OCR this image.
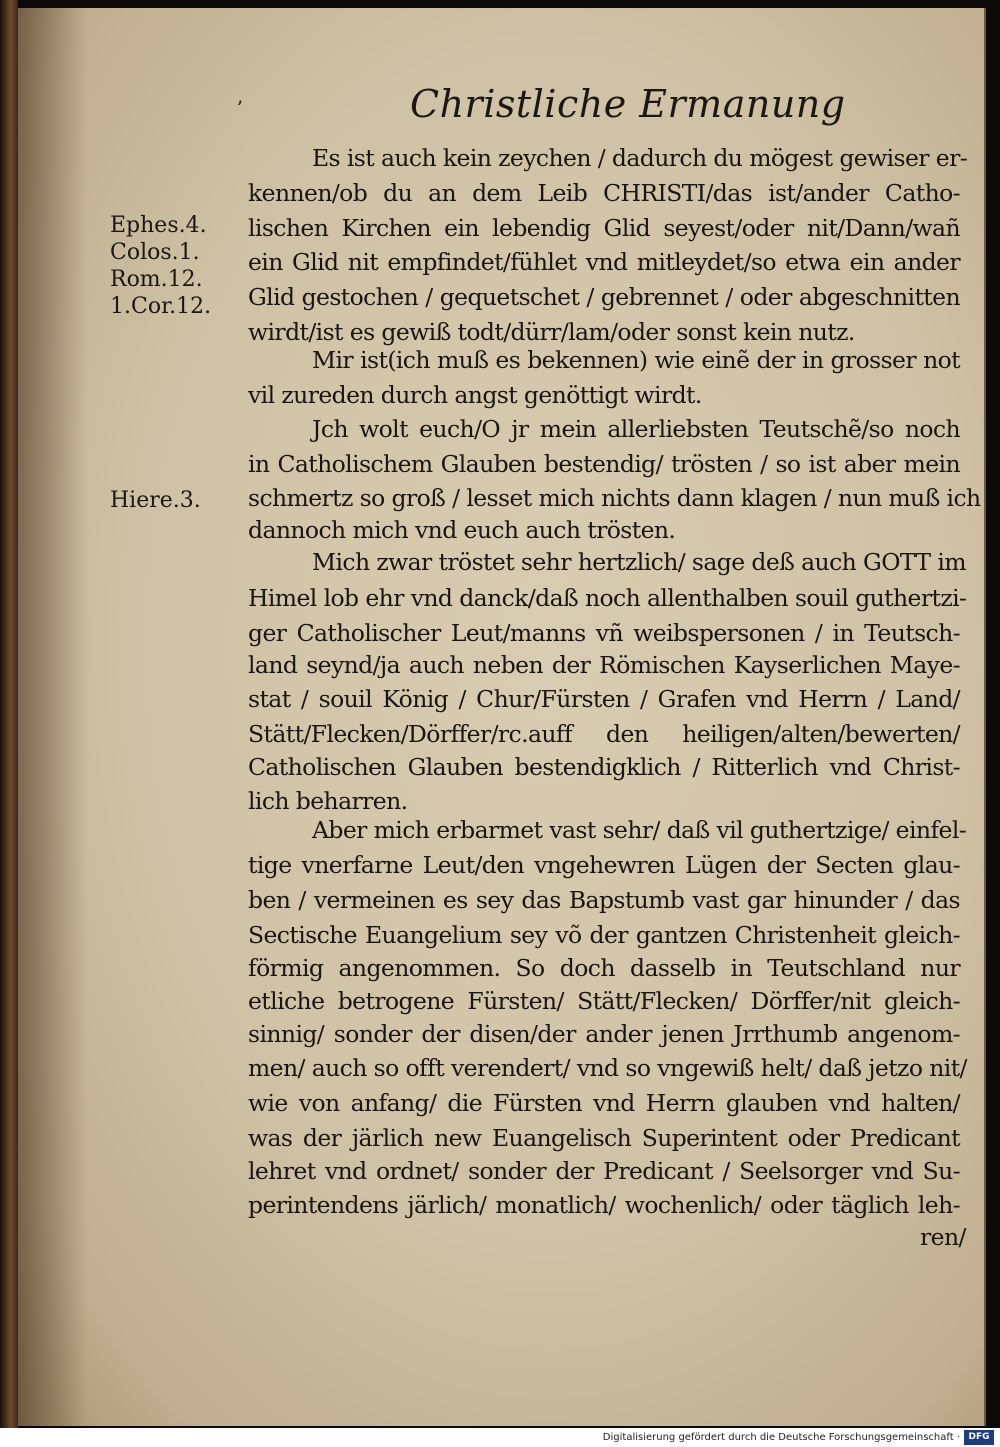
ʼ	Christliche Ermanung
Ephes.4.
Colos.1.
Rom.12.
1.Cor.12.
Hiere.3.
Es ist auch kein zeychen / dadurch du mögest gewiser er‑
kennen/ob du an dem Leib CHRISTI/das ist/ander Catho‑
lischen Kirchen ein lebendig Glid seyest/oder nit/Dann/wañ
ein Glid nit empfindet/fühlet vnd mitleydet/so etwa ein ander
Glid gestochen / gequetschet / gebrennet / oder abgeschnitten
wirdt/ist es gewiß todt/dürr/lam/oder sonst kein nutz.
Mir ist(ich muß es bekennen) wie einẽ der in grosser not
vil zureden durch angst genöttigt wirdt.
Jch wolt euch/O jr mein allerliebsten Teutschẽ/so noch
in Catholischem Glauben bestendig/ trösten / so ist aber mein
schmertz so groß / lesset mich nichts dann klagen / nun muß ich
dannoch mich vnd euch auch trösten.
Mich zwar tröstet sehr hertzlich/ sage deß auch GOTT im
Himel lob ehr vnd danck/daß noch allenthalben souil guthertzi‑
ger Catholischer Leut/manns vñ weibspersonen / in Teutsch‑
land seynd/ja auch neben der Römischen Kayserlichen Maye‑
stat / souil König / Chur/Fürsten / Grafen vnd Herrn / Land/
Stätt/Flecken/Dörffer/rc.auff den heiligen/alten/bewerten/
Catholischen Glauben bestendigklich / Ritterlich vnd Christ‑
lich beharren.
Aber mich erbarmet vast sehr/ daß vil guthertzige/ einfel‑
tige vnerfarne Leut/den vngehewren Lügen der Secten glau‑
ben / vermeinen es sey das Bapstumb vast gar hinunder / das
Sectische Euangelium sey võ der gantzen Christenheit gleich‑
förmig angenommen. So doch dasselb in Teutschland nur
etliche betrogene Fürsten/ Stätt/Flecken/ Dörffer/nit gleich‑
sinnig/ sonder der disen/der ander jenen Jrrthumb angenom‑
men/ auch so offt verendert/ vnd so vngewiß helt/ daß jetzo nit/
wie von anfang/ die Fürsten vnd Herrn glauben vnd halten/
was der järlich new Euangelisch Superintent oder Predicant
lehret vnd ordnet/ sonder der Predicant / Seelsorger vnd Su‑
perintendens järlich/ monatlich/ wochenlich/ oder täglich leh‑
ren/
Digitalisierung gefördert durch die Deutsche Forschungsgemeinschaft · DFG
